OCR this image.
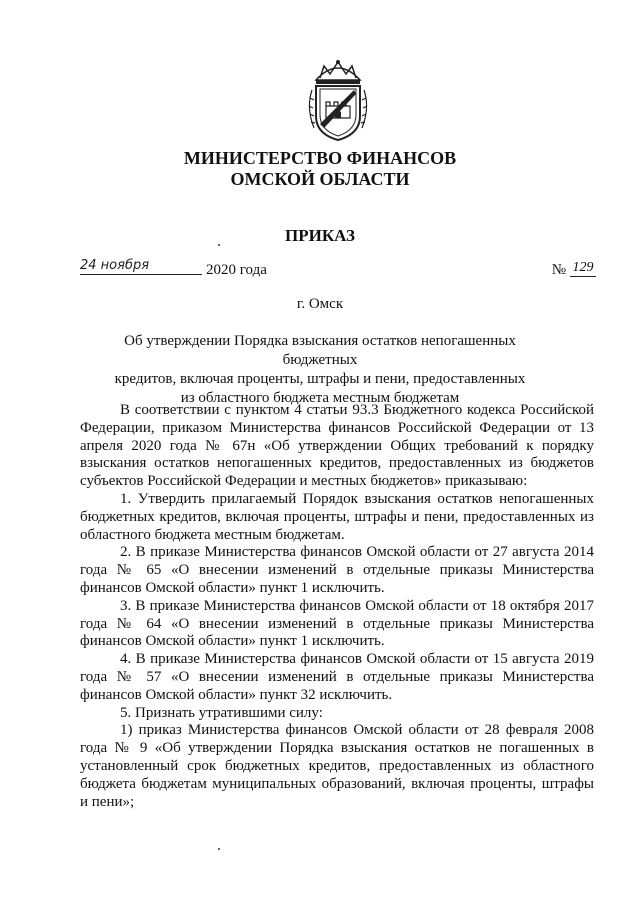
МИНИСТЕРСТВО ФИНАНСОВ
ОМСКОЙ ОБЛАСТИ
ПРИКАЗ
24 ноября	2020 года	№ 129
г. Омск
Об утверждении Порядка взыскания остатков непогашенных бюджетных
кредитов, включая проценты, штрафы и пени, предоставленных
из областного бюджета местным бюджетам

В соответствии с пунктом 4 статьи 93.3 Бюджетного кодекса Российской Федерации, приказом Министерства финансов Российской Федерации от 13 апреля 2020 года № 67н «Об утверждении Общих требований к порядку взыскания остатков непогашенных кредитов, предоставленных из бюджетов субъектов Российской Федерации и местных бюджетов» приказываю:

1. Утвердить прилагаемый Порядок взыскания остатков непогашенных бюджетных кредитов, включая проценты, штрафы и пени, предоставленных из областного бюджета местным бюджетам.

2. В приказе Министерства финансов Омской области от 27 августа 2014 года № 65 «О внесении изменений в отдельные приказы Министерства финансов Омской области» пункт 1 исключить.

3. В приказе Министерства финансов Омской области от 18 октября 2017 года № 64 «О внесении изменений в отдельные приказы Министерства финансов Омской области» пункт 1 исключить.

4. В приказе Министерства финансов Омской области от 15 августа 2019 года № 57 «О внесении изменений в отдельные приказы Министерства финансов Омской области» пункт 32 исключить.

5. Признать утратившими силу:

1) приказ Министерства финансов Омской области от 28 февраля 2008 года № 9 «Об утверждении Порядка взыскания остатков не погашенных в установленный срок бюджетных кредитов, предоставленных из областного бюджета бюджетам муниципальных образований, включая проценты, штрафы и пени»;
